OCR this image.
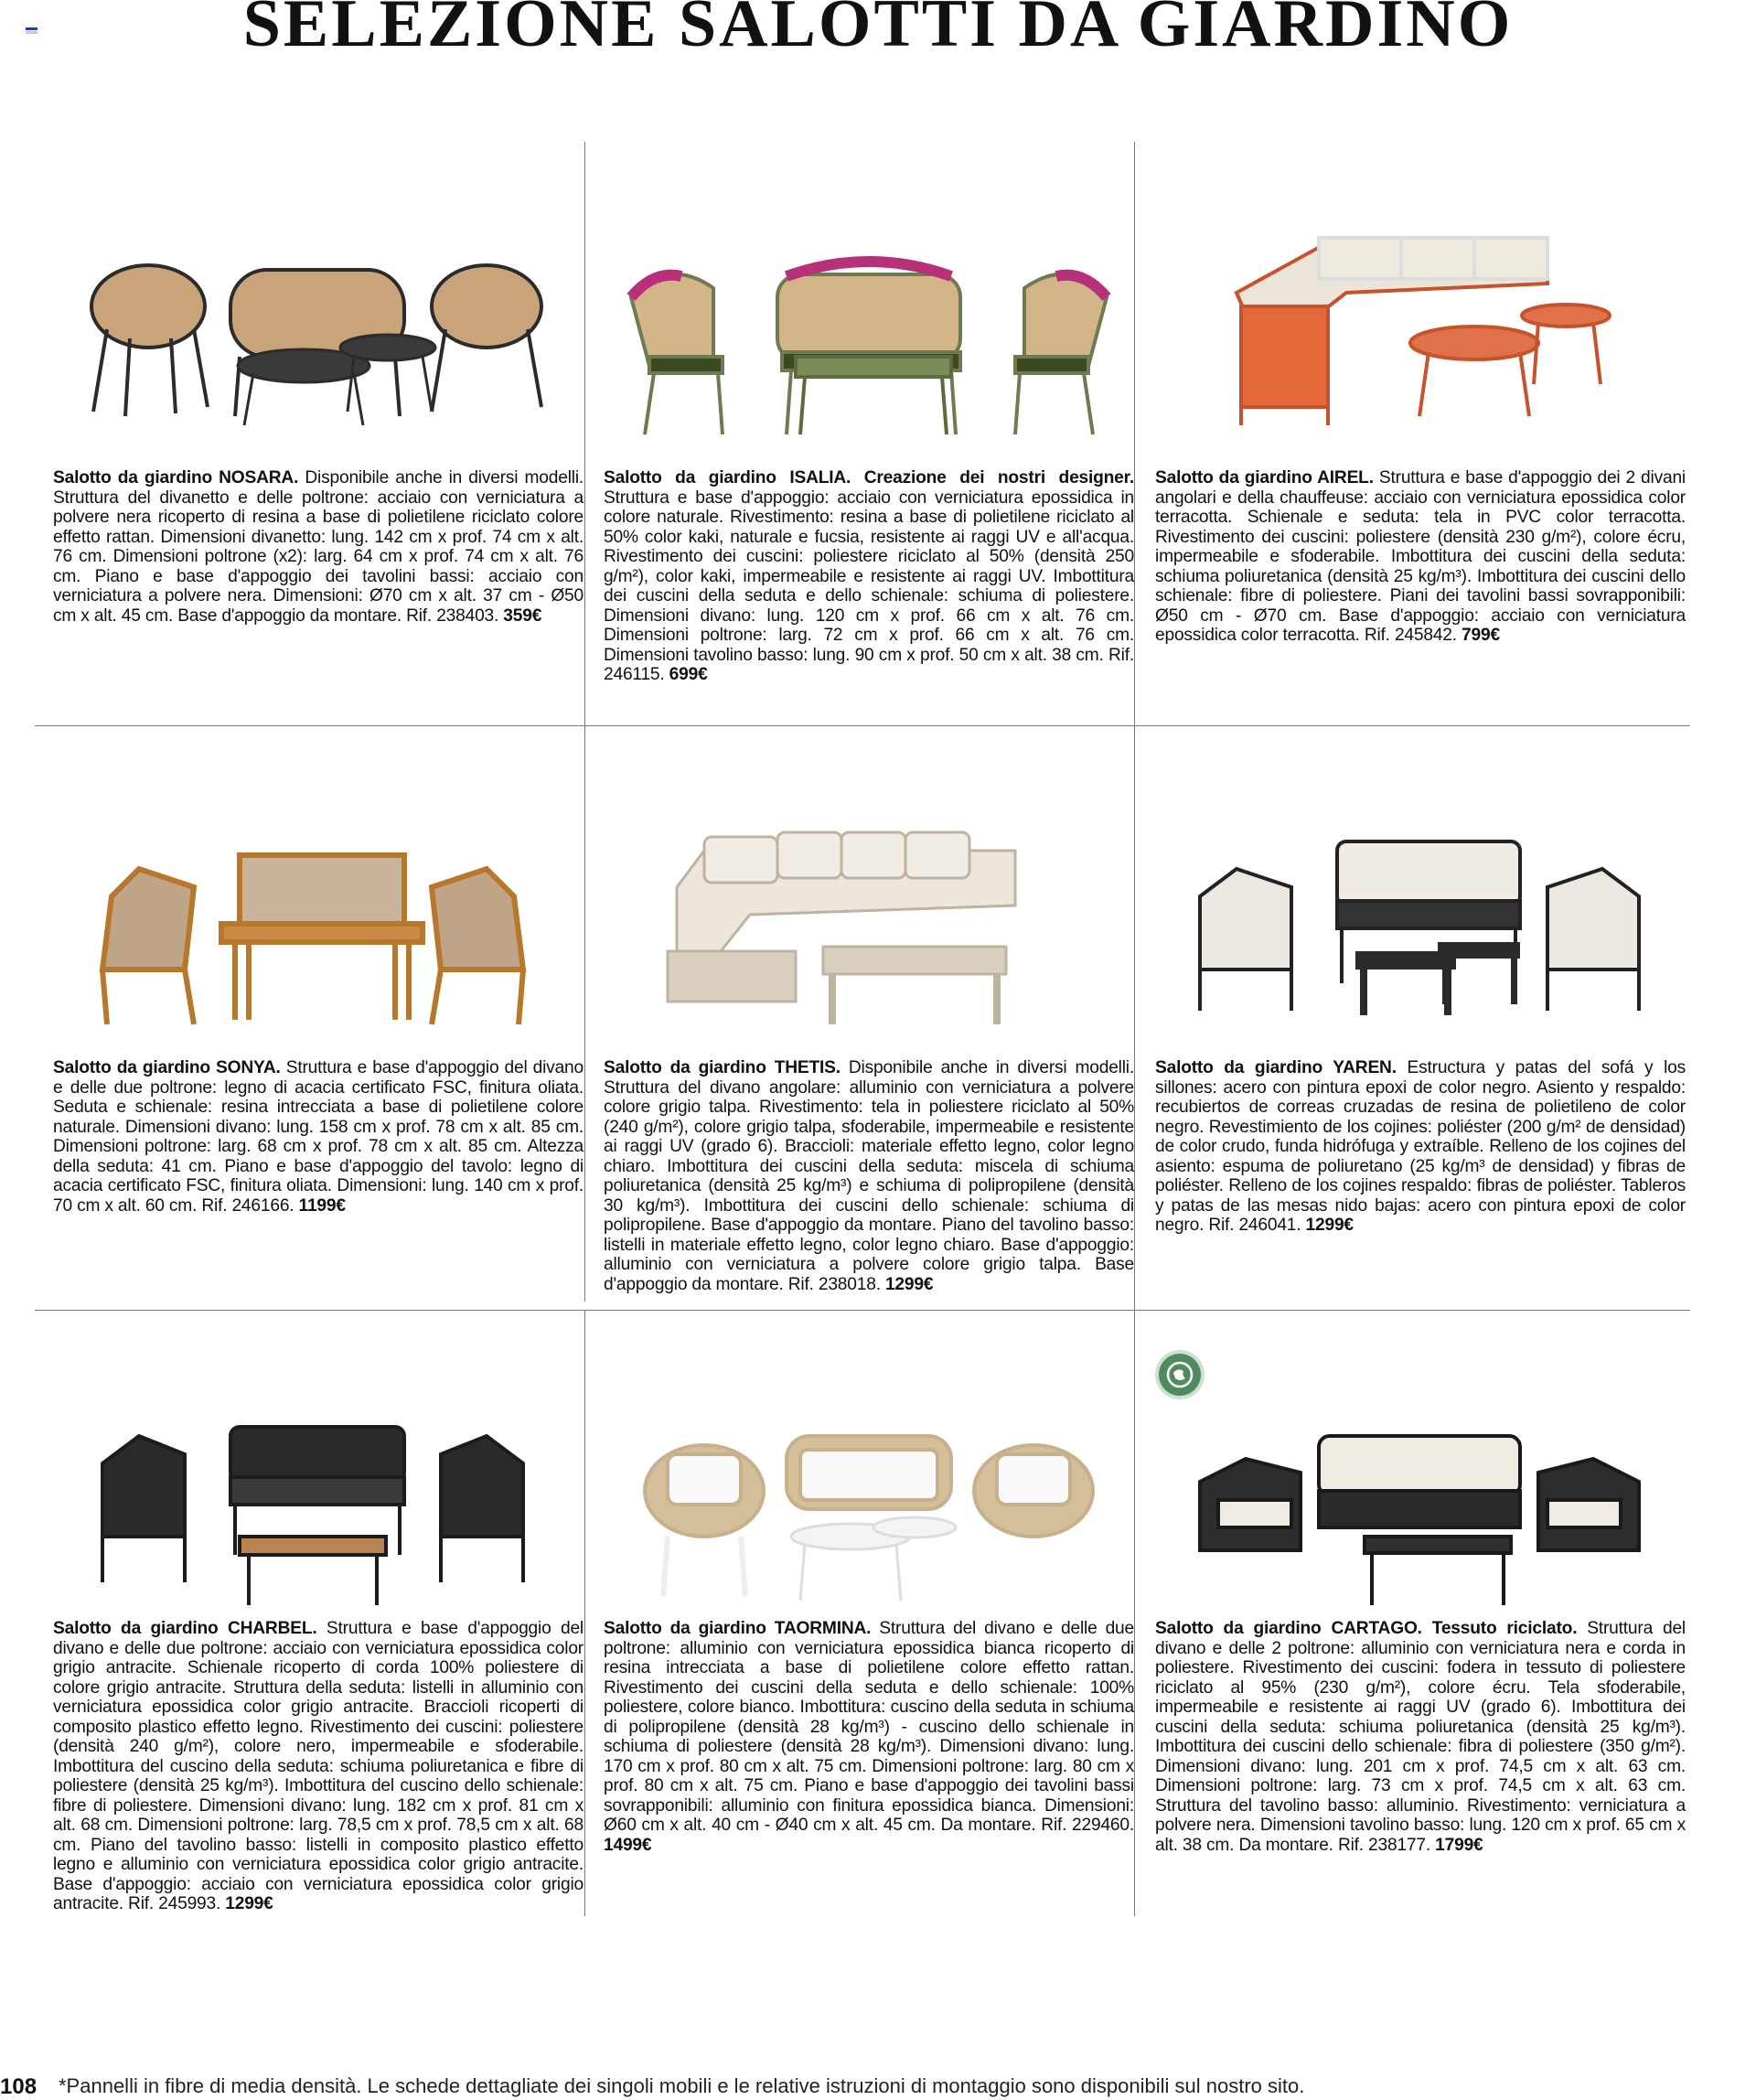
SELEZIONE SALOTTI DA GIARDINO

Salotto da giardino NOSARA. Disponibile anche in diversi modelli. Struttura del divanetto e delle poltrone: acciaio con verniciatura a polvere nera ricoperto di resina a base di polietilene riciclato colore effetto rattan. Dimensioni divanetto: lung. 142 cm x prof. 74 cm x alt. 76 cm. Dimensioni poltrone (x2): larg. 64 cm x prof. 74 cm x alt. 76 cm. Piano e base d'appoggio dei tavolini bassi: acciaio con verniciatura a polvere nera. Dimensioni: Ø70 cm x alt. 37 cm - Ø50 cm x alt. 45 cm. Base d'appoggio da montare. Rif. 238403. 359€

Salotto da giardino ISALIA. Creazione dei nostri designer. Struttura e base d'appoggio: acciaio con verniciatura epossidica in colore naturale. Rivestimento: resina a base di polietilene riciclato al 50% color kaki, naturale e fucsia, resistente ai raggi UV e all'acqua. Rivestimento dei cuscini: poliestere riciclato al 50% (densità 250 g/m²), color kaki, impermeabile e resistente ai raggi UV. Imbottitura dei cuscini della seduta e dello schienale: schiuma di poliestere. Dimensioni divano: lung. 120 cm x prof. 66 cm x alt. 76 cm. Dimensioni poltrone: larg. 72 cm x prof. 66 cm x alt. 76 cm. Dimensioni tavolino basso: lung. 90 cm x prof. 50 cm x alt. 38 cm. Rif. 246115. 699€

Salotto da giardino AIREL. Struttura e base d'appoggio dei 2 divani angolari e della chauffeuse: acciaio con verniciatura epossidica color terracotta. Schienale e seduta: tela in PVC color terracotta. Rivestimento dei cuscini: poliestere (densità 230 g/m²), colore écru, impermeabile e sfoderabile. Imbottitura dei cuscini della seduta: schiuma poliuretanica (densità 25 kg/m³). Imbottitura dei cuscini dello schienale: fibre di poliestere. Piani dei tavolini bassi sovrapponibili: Ø50 cm - Ø70 cm. Base d'appoggio: acciaio con verniciatura epossidica color terracotta. Rif. 245842. 799€

Salotto da giardino SONYA. Struttura e base d'appoggio del divano e delle due poltrone: legno di acacia certificato FSC, finitura oliata. Seduta e schienale: resina intrecciata a base di polietilene colore naturale. Dimensioni divano: lung. 158 cm x prof. 78 cm x alt. 85 cm. Dimensioni poltrone: larg. 68 cm x prof. 78 cm x alt. 85 cm. Altezza della seduta: 41 cm. Piano e base d'appoggio del tavolo: legno di acacia certificato FSC, finitura oliata. Dimensioni: lung. 140 cm x prof. 70 cm x alt. 60 cm. Rif. 246166. 1199€

Salotto da giardino THETIS. Disponibile anche in diversi modelli. Struttura del divano angolare: alluminio con verniciatura a polvere colore grigio talpa. Rivestimento: tela in poliestere riciclato al 50% (240 g/m²), colore grigio talpa, sfoderabile, impermeabile e resistente ai raggi UV (grado 6). Braccioli: materiale effetto legno, color legno chiaro. Imbottitura dei cuscini della seduta: miscela di schiuma poliuretanica (densità 25 kg/m³) e schiuma di polipropilene (densità 30 kg/m³). Imbottitura dei cuscini dello schienale: schiuma di polipropilene. Base d'appoggio da montare. Piano del tavolino basso: listelli in materiale effetto legno, color legno chiaro. Base d'appoggio: alluminio con verniciatura a polvere colore grigio talpa. Base d'appoggio da montare. Rif. 238018. 1299€

Salotto da giardino YAREN. Estructura y patas del sofá y los sillones: acero con pintura epoxi de color negro. Asiento y respaldo: recubiertos de correas cruzadas de resina de polietileno de color negro. Revestimiento de los cojines: poliéster (200 g/m² de densidad) de color crudo, funda hidrófuga y extraíble. Relleno de los cojines del asiento: espuma de poliuretano (25 kg/m³ de densidad) y fibras de poliéster. Relleno de los cojines respaldo: fibras de poliéster. Tableros y patas de las mesas nido bajas: acero con pintura epoxi de color negro. Rif. 246041. 1299€

Salotto da giardino CHARBEL. Struttura e base d'appoggio del divano e delle due poltrone: acciaio con verniciatura epossidica color grigio antracite. Schienale ricoperto di corda 100% poliestere di colore grigio antracite. Struttura della seduta: listelli in alluminio con verniciatura epossidica color grigio antracite. Braccioli ricoperti di composito plastico effetto legno. Rivestimento dei cuscini: poliestere (densità 240 g/m²), colore nero, impermeabile e sfoderabile. Imbottitura del cuscino della seduta: schiuma poliuretanica e fibre di poliestere (densità 25 kg/m³). Imbottitura del cuscino dello schienale: fibre di poliestere. Dimensioni divano: lung. 182 cm x prof. 81 cm x alt. 68 cm. Dimensioni poltrone: larg. 78,5 cm x prof. 78,5 cm x alt. 68 cm. Piano del tavolino basso: listelli in composito plastico effetto legno e alluminio con verniciatura epossidica color grigio antracite. Base d'appoggio: acciaio con verniciatura epossidica color grigio antracite. Rif. 245993. 1299€

Salotto da giardino TAORMINA. Struttura del divano e delle due poltrone: alluminio con verniciatura epossidica bianca ricoperto di resina intrecciata a base di polietilene colore effetto rattan. Rivestimento dei cuscini della seduta e dello schienale: 100% poliestere, colore bianco. Imbottitura: cuscino della seduta in schiuma di polipropilene (densità 28 kg/m³) - cuscino dello schienale in schiuma di poliestere (densità 28 kg/m³). Dimensioni divano: lung. 170 cm x prof. 80 cm x alt. 75 cm. Dimensioni poltrone: larg. 80 cm x prof. 80 cm x alt. 75 cm. Piano e base d'appoggio dei tavolini bassi sovrapponibili: alluminio con finitura epossidica bianca. Dimensioni: Ø60 cm x alt. 40 cm - Ø40 cm x alt. 45 cm. Da montare. Rif. 229460. 1499€

Salotto da giardino CARTAGO. Tessuto riciclato. Struttura del divano e delle 2 poltrone: alluminio con verniciatura nera e corda in poliestere. Rivestimento dei cuscini: fodera in tessuto di poliestere riciclato al 95% (230 g/m²), colore écru. Tela sfoderabile, impermeabile e resistente ai raggi UV (grado 6). Imbottitura dei cuscini della seduta: schiuma poliuretanica (densità 25 kg/m³). Imbottitura dei cuscini dello schienale: fibra di poliestere (350 g/m²). Dimensioni divano: lung. 201 cm x prof. 74,5 cm x alt. 63 cm. Dimensioni poltrone: larg. 73 cm x prof. 74,5 cm x alt. 63 cm. Struttura del tavolino basso: alluminio. Rivestimento: verniciatura a polvere nera. Dimensioni tavolino basso: lung. 120 cm x prof. 65 cm x alt. 38 cm. Da montare. Rif. 238177. 1799€

108 *Pannelli in fibre di media densità. Le schede dettagliate dei singoli mobili e le relative istruzioni di montaggio sono disponibili sul nostro sito.
